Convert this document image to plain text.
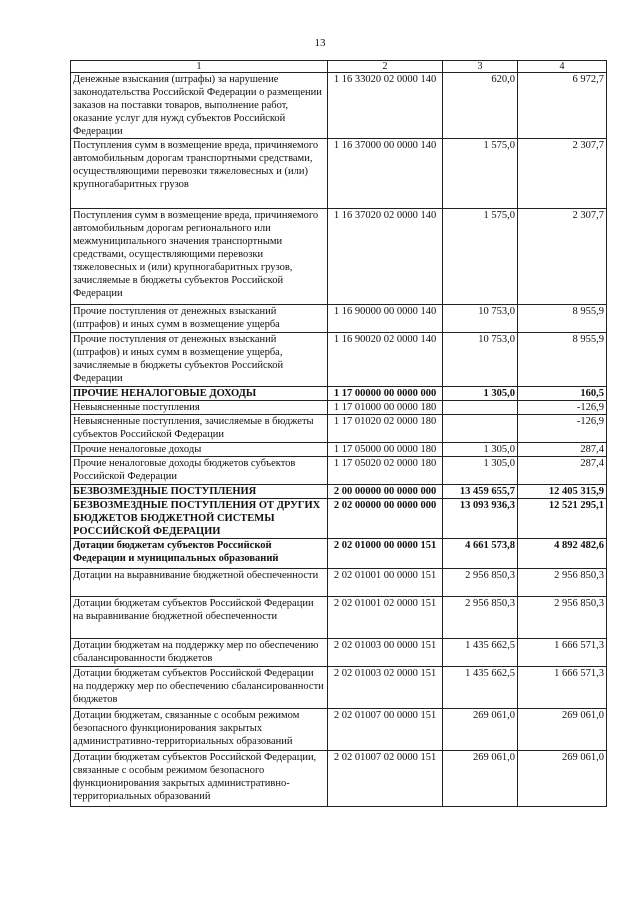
13
1	2	3	4
Денежные взыскания (штрафы) за нарушение законодательства Российской Федерации о размещении заказов на поставки товаров, выполнение работ, оказание услуг для нужд субъектов Российской Федерации	1 16 33020 02 0000 140	620,0	6 972,7
Поступления сумм в возмещение вреда, причиняемого автомобильным дорогам транспортными средствами, осуществляющими перевозки тяжеловесных и (или) крупногабаритных грузов	1 16 37000 00 0000 140	1 575,0	2 307,7
Поступления сумм в возмещение вреда, причиняемого автомобильным дорогам регионального или межмуниципального значения транспортными средствами, осуществляющими перевозки тяжеловесных и (или) крупногабаритных грузов, зачисляемые в бюджеты субъектов Российской Федерации	1 16 37020 02 0000 140	1 575,0	2 307,7
Прочие поступления от денежных взысканий (штрафов) и иных сумм в возмещение ущерба	1 16 90000 00 0000 140	10 753,0	8 955,9
Прочие поступления от денежных взысканий (штрафов) и иных сумм в возмещение ущерба, зачисляемые в бюджеты субъектов Российской Федерации	1 16 90020 02 0000 140	10 753,0	8 955,9
ПРОЧИЕ НЕНАЛОГОВЫЕ ДОХОДЫ	1 17 00000 00 0000 000	1 305,0	160,5
Невыясненные поступления	1 17 01000 00 0000 180		-126,9
Невыясненные поступления, зачисляемые в бюджеты субъектов Российской Федерации	1 17 01020 02 0000 180		-126,9
Прочие неналоговые доходы	1 17 05000 00 0000 180	1 305,0	287,4
Прочие неналоговые доходы бюджетов субъектов Российской Федерации	1 17 05020 02 0000 180	1 305,0	287,4
БЕЗВОЗМЕЗДНЫЕ ПОСТУПЛЕНИЯ	2 00 00000 00 0000 000	13 459 655,7	12 405 315,9
БЕЗВОЗМЕЗДНЫЕ ПОСТУПЛЕНИЯ ОТ ДРУГИХ БЮДЖЕТОВ БЮДЖЕТНОЙ СИСТЕМЫ РОССИЙСКОЙ ФЕДЕРАЦИИ	2 02 00000 00 0000 000	13 093 936,3	12 521 295,1
Дотации бюджетам субъектов Российской Федерации и муниципальных образований	2 02 01000 00 0000 151	4 661 573,8	4 892 482,6
Дотации на выравнивание бюджетной обеспеченности	2 02 01001 00 0000 151	2 956 850,3	2 956 850,3
Дотации бюджетам субъектов Российской Федерации на выравнивание бюджетной обеспеченности	2 02 01001 02 0000 151	2 956 850,3	2 956 850,3
Дотации бюджетам на поддержку мер по обеспечению сбалансированности бюджетов	2 02 01003 00 0000 151	1 435 662,5	1 666 571,3
Дотации бюджетам субъектов Российской Федерации на поддержку мер по обеспечению сбалансированности бюджетов	2 02 01003 02 0000 151	1 435 662,5	1 666 571,3
Дотации бюджетам, связанные с особым режимом безопасного функционирования закрытых административно-территориальных образований	2 02 01007 00 0000 151	269 061,0	269 061,0
Дотации бюджетам субъектов Российской Федерации, связанные с особым режимом безопасного функционирования закрытых административно-территориальных образований	2 02 01007 02 0000 151	269 061,0	269 061,0
